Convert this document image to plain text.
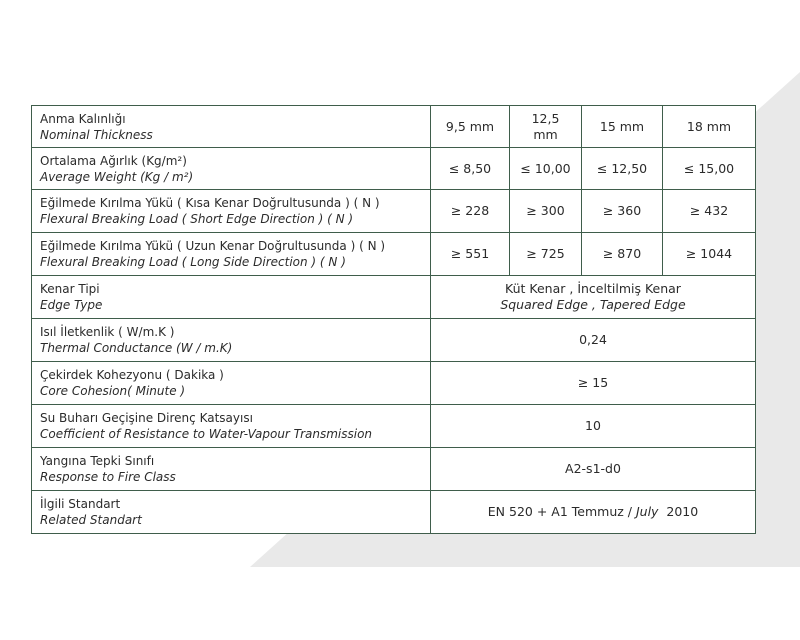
Anma Kalınlığı
Nominal Thickness	9,5 mm	12,5 mm	15 mm	18 mm

Ortalama Ağırlık (Kg/m²)
Average Weight (Kg / m²)	≤ 8,50	≤ 10,00	≤ 12,50	≤ 15,00

Eğilmede Kırılma Yükü ( Kısa Kenar Doğrultusunda ) ( N )
Flexural Breaking Load ( Short Edge Direction ) ( N )	≥ 228	≥ 300	≥ 360	≥ 432

Eğilmede Kırılma Yükü ( Uzun Kenar Doğrultusunda ) ( N )
Flexural Breaking Load ( Long Side Direction ) ( N )	≥ 551	≥ 725	≥ 870	≥ 1044

Kenar Tipi
Edge Type	Küt Kenar , İnceltilmiş Kenar
Squared Edge , Tapered Edge			

Isıl İletkenlik ( W/m.K )
Thermal Conductance (W / m.K)	0,24			

Çekirdek Kohezyonu ( Dakika )
Core Cohesion( Minute )	≥ 15			

Su Buharı Geçişine Direnç Katsayısı
Coefficient of Resistance to Water-Vapour Transmission	10			

Yangına Tepki Sınıfı
Response to Fire Class	A2-s1-d0			

İlgili Standart
Related Standart	EN 520 + A1 Temmuz / July 2010			
